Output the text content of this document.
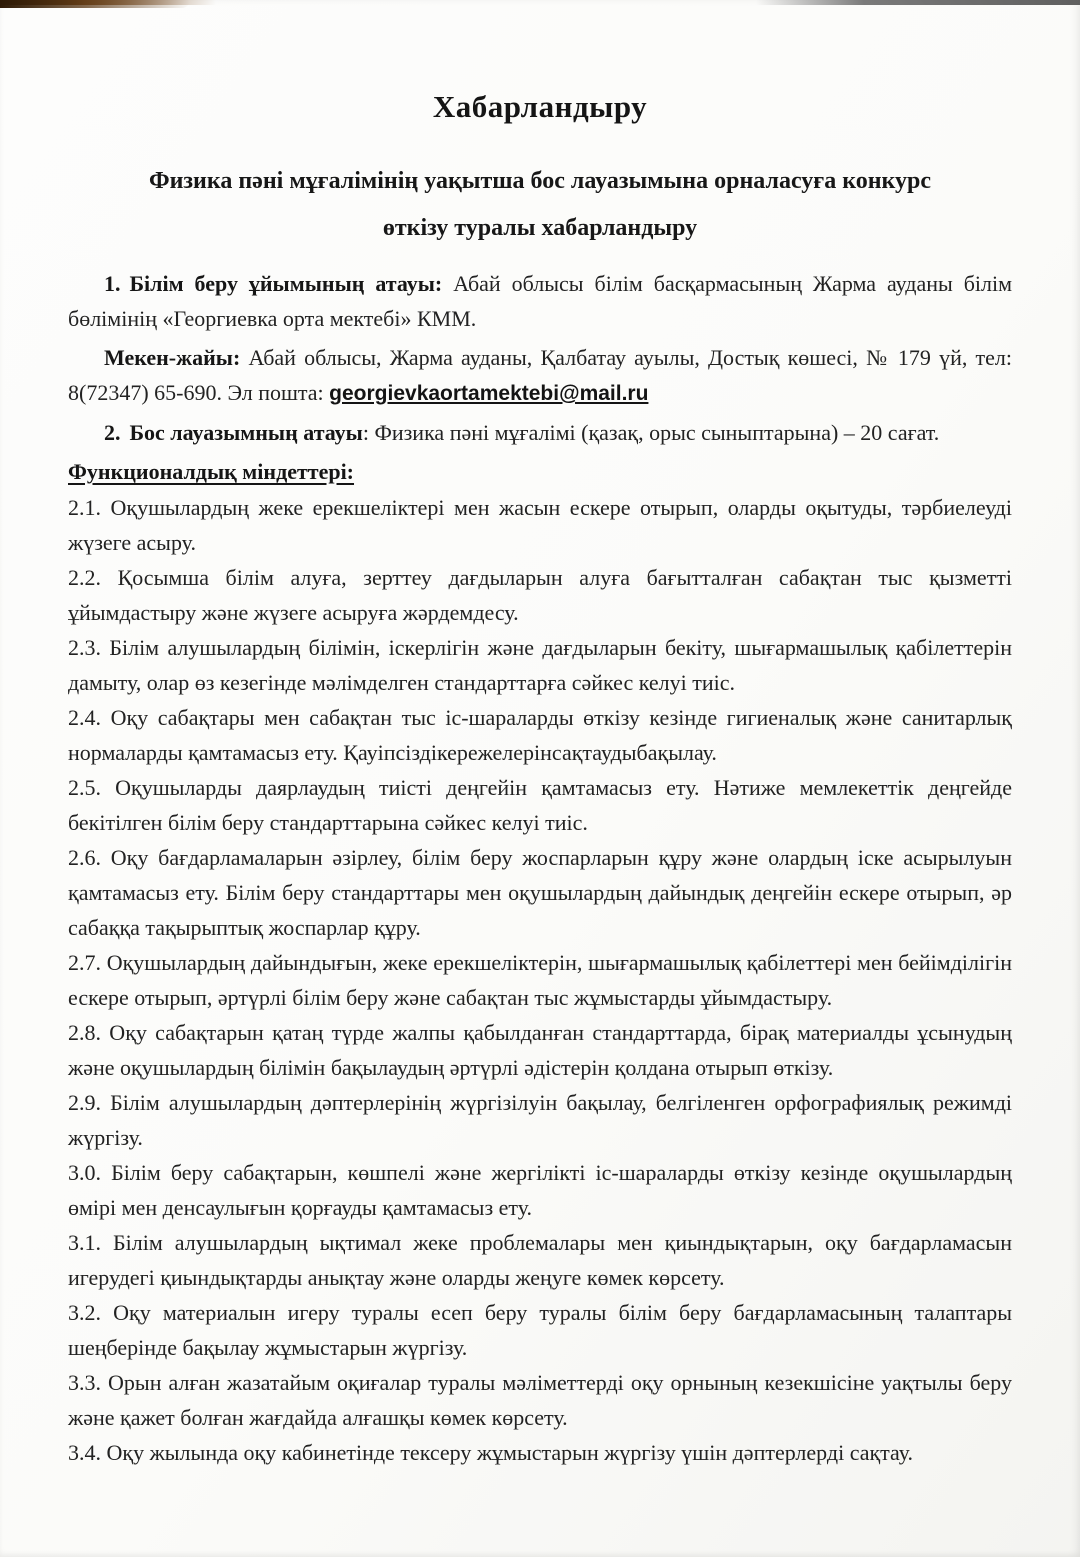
Хабарландыру
Физика пәні мұғалімінің уақытша бос лауазымына орналасуға конкурс
өткізу туралы хабарландыру

1. Білім беру ұйымының атауы: Абай облысы білім басқармасының Жарма ауданы білім бөлімінің «Георгиевка орта мектебі» КММ.

Мекен-жайы: Абай облысы, Жарма ауданы, Қалбатау ауылы, Достық көшесі, № 179 үй, тел: 8(72347) 65-690. Эл пошта: georgievkaortamektebi@mail.ru

2. Бос лауазымның атауы: Физика пәні мұғалімі (қазақ, орыс сыныптарына) – 20 сағат.

Функционалдық міндеттері:

2.1. Оқушылардың жеке ерекшеліктері мен жасын ескере отырып, оларды оқытуды, тәрбиелеуді жүзеге асыру.

2.2. Қосымша білім алуға, зерттеу дағдыларын алуға бағытталған сабақтан тыс қызметті ұйымдастыру және жүзеге асыруға жәрдемдесу.

2.3. Білім алушылардың білімін, іскерлігін және дағдыларын бекіту, шығармашылық қабілеттерін дамыту, олар өз кезегінде мәлімделген стандарттарға сәйкес келуі тиіс.

2.4. Оқу сабақтары мен сабақтан тыс іс-шараларды өткізу кезінде гигиеналық және санитарлық нормаларды қамтамасыз ету. Қауіпсіздікережелерінсақтаудыбақылау.

2.5. Оқушыларды даярлаудың тиісті деңгейін қамтамасыз ету. Нәтиже мемлекеттік деңгейде бекітілген білім беру стандарттарына сәйкес келуі тиіс.

2.6. Оқу бағдарламаларын әзірлеу, білім беру жоспарларын құру және олардың іске асырылуын қамтамасыз ету. Білім беру стандарттары мен оқушылардың дайындық деңгейін ескере отырып, әр сабаққа тақырыптық жоспарлар құру.

2.7. Оқушылардың дайындығын, жеке ерекшеліктерін, шығармашылық қабілеттері мен бейімділігін ескере отырып, әртүрлі білім беру және сабақтан тыс жұмыстарды ұйымдастыру.

2.8. Оқу сабақтарын қатаң түрде жалпы қабылданған стандарттарда, бірақ материалды ұсынудың және оқушылардың білімін бақылаудың әртүрлі әдістерін қолдана отырып өткізу.

2.9. Білім алушылардың дәптерлерінің жүргізілуін бақылау, белгіленген орфографиялық режимді жүргізу.

3.0. Білім беру сабақтарын, көшпелі және жергілікті іс-шараларды өткізу кезінде оқушылардың өмірі мен денсаулығын қорғауды қамтамасыз ету.

3.1. Білім алушылардың ықтимал жеке проблемалары мен қиындықтарын, оқу бағдарламасын игерудегі қиындықтарды анықтау және оларды жеңуге көмек көрсету.

3.2. Оқу материалын игеру туралы есеп беру туралы білім беру бағдарламасының талаптары шеңберінде бақылау жұмыстарын жүргізу.

3.3. Орын алған жазатайым оқиғалар туралы мәліметтерді оқу орнының кезекшісіне уақтылы беру және қажет болған жағдайда алғашқы көмек көрсету.

3.4. Оқу жылында оқу кабинетінде тексеру жұмыстарын жүргізу үшін дәптерлерді сақтау.
